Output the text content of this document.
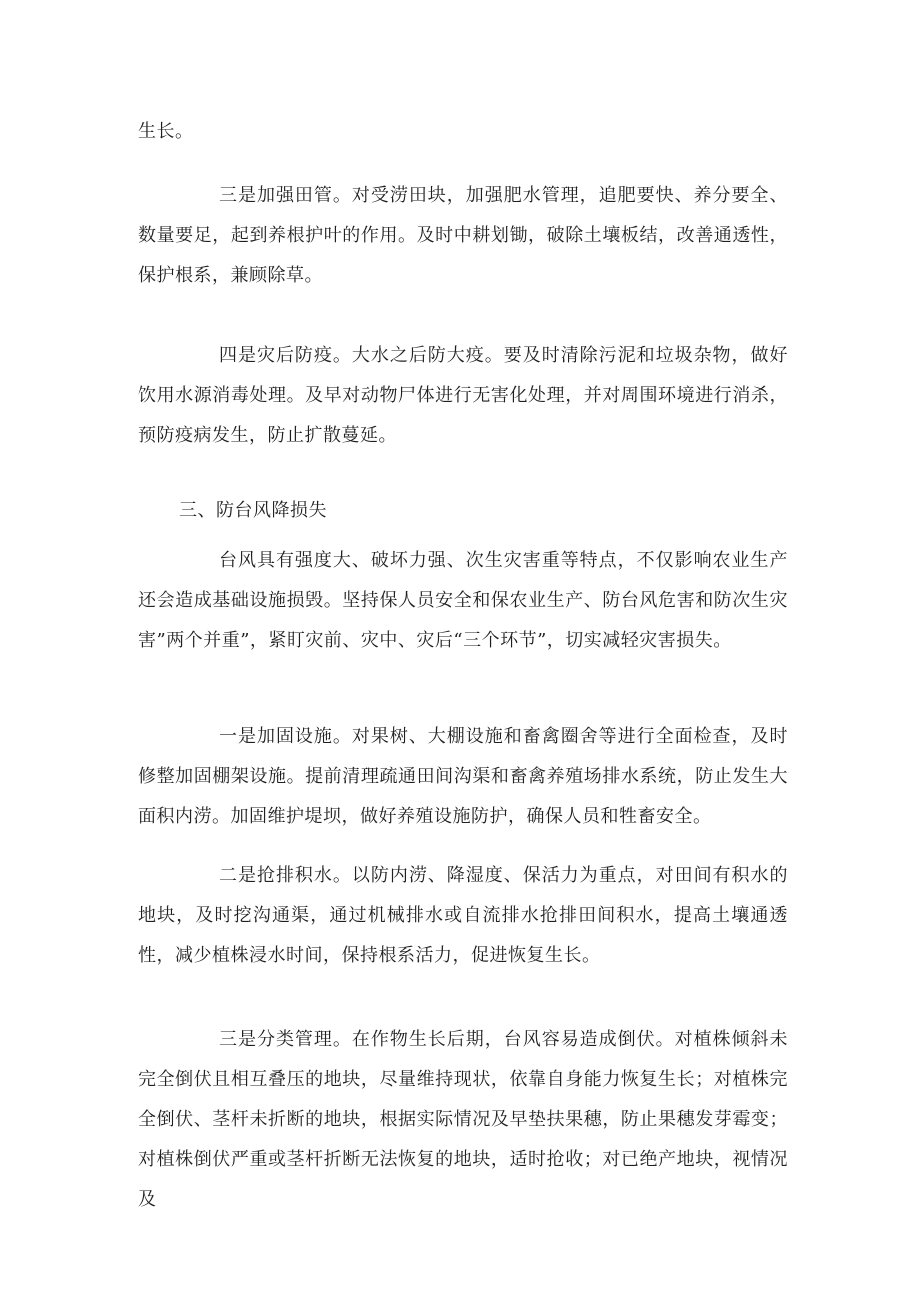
生长。

三是加强田管。对受涝田块，加强肥水管理，追肥要快、养分要全、数量要足，起到养根护叶的作用。及时中耕划锄，破除土壤板结，改善通透性，保护根系，兼顾除草。

四是灾后防疫。大水之后防大疫。要及时清除污泥和垃圾杂物，做好饮用水源消毒处理。及早对动物尸体进行无害化处理，并对周围环境进行消杀，预防疫病发生，防止扩散蔓延。

三、防台风降损失

台风具有强度大、破坏力强、次生灾害重等特点，不仅影响农业生产还会造成基础设施损毁。坚持保人员安全和保农业生产、防台风危害和防次生灾害”两个并重”，紧盯灾前、灾中、灾后“三个环节”，切实减轻灾害损失。

一是加固设施。对果树、大棚设施和畜禽圈舍等进行全面检查，及时修整加固棚架设施。提前清理疏通田间沟渠和畜禽养殖场排水系统，防止发生大面积内涝。加固维护堤坝，做好养殖设施防护，确保人员和牲畜安全。

二是抢排积水。以防内涝、降湿度、保活力为重点，对田间有积水的地块，及时挖沟通渠，通过机械排水或自流排水抢排田间积水，提高土壤通透性，减少植株浸水时间，保持根系活力，促进恢复生长。

三是分类管理。在作物生长后期，台风容易造成倒伏。对植株倾斜未完全倒伏且相互叠压的地块，尽量维持现状，依靠自身能力恢复生长；对植株完全倒伏、茎杆未折断的地块，根据实际情况及早垫扶果穗，防止果穗发芽霉变；对植株倒伏严重或茎杆折断无法恢复的地块，适时抢收；对已绝产地块，视情况及
